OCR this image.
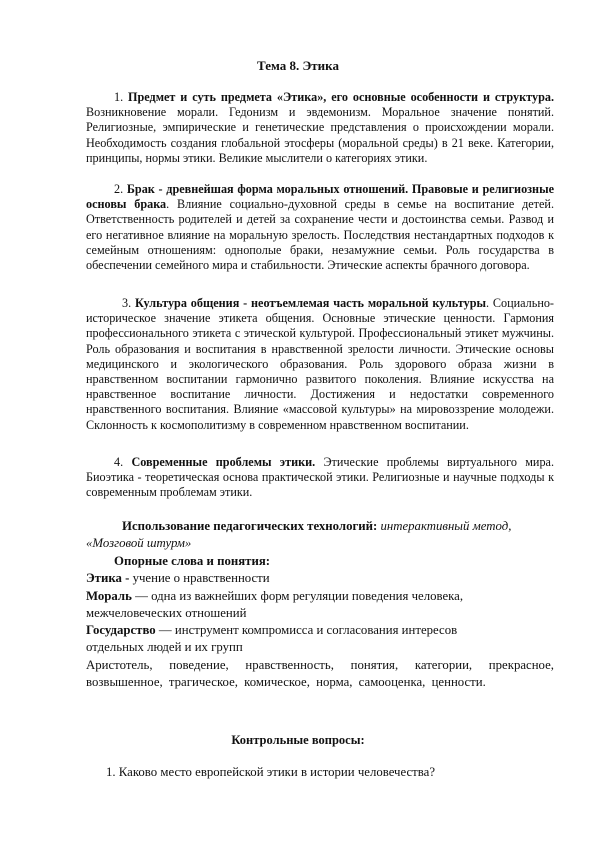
Тема 8. Этика
1. Предмет и суть предмета «Этика», его основные особенности и структура. Возникновение морали. Гедонизм и эвдемонизм. Моральное значение понятий. Религиозные, эмпирические и генетические представления о происхождении морали. Необходимость создания глобальной этосферы (моральной среды) в 21 веке. Категории, принципы, нормы этики. Великие мыслители о категориях этики.
2. Брак - древнейшая форма моральных отношений. Правовые и религиозные основы брака. Влияние социально-духовной среды в семье на воспитание детей. Ответственность родителей и детей за сохранение чести и достоинства семьи. Развод и его негативное влияние на моральную зрелость. Последствия нестандартных подходов к семейным отношениям: однополые браки, незамужние семьи. Роль государства в обеспечении семейного мира и стабильности. Этические аспекты брачного договора.
3. Культура общения - неотъемлемая часть моральной культуры. Социально-историческое значение этикета общения. Основные этические ценности. Гармония профессионального этикета с этической культурой. Профессиональный этикет мужчины. Роль образования и воспитания в нравственной зрелости личности. Этические основы медицинского и экологического образования. Роль здорового образа жизни в нравственном воспитании гармонично развитого поколения. Влияние искусства на нравственное воспитание личности. Достижения и недостатки современного нравственного воспитания. Влияние «массовой культуры» на мировоззрение молодежи. Склонность к космополитизму в современном нравственном воспитании.
4. Современные проблемы этики. Этические проблемы виртуального мира. Биоэтика - теоретическая основа практической этики. Религиозные и научные подходы к современным проблемам этики.
Использование педагогических технологий: интерактивный метод,
«Мозговой штурм»
Опорные слова и понятия:
Этика - учение о нравственности
Мораль — одна из важнейших форм регуляции поведения человека,
межчеловеческих отношений
Государство — инструмент компромисса и согласования интересов
отдельных людей и их групп
Аристотель, поведение, нравственность, понятия, категории, прекрасное, возвышенное, трагическое, комическое, норма, самооценка, ценности.
Контрольные вопросы:
1. Каково место европейской этики в истории человечества?
